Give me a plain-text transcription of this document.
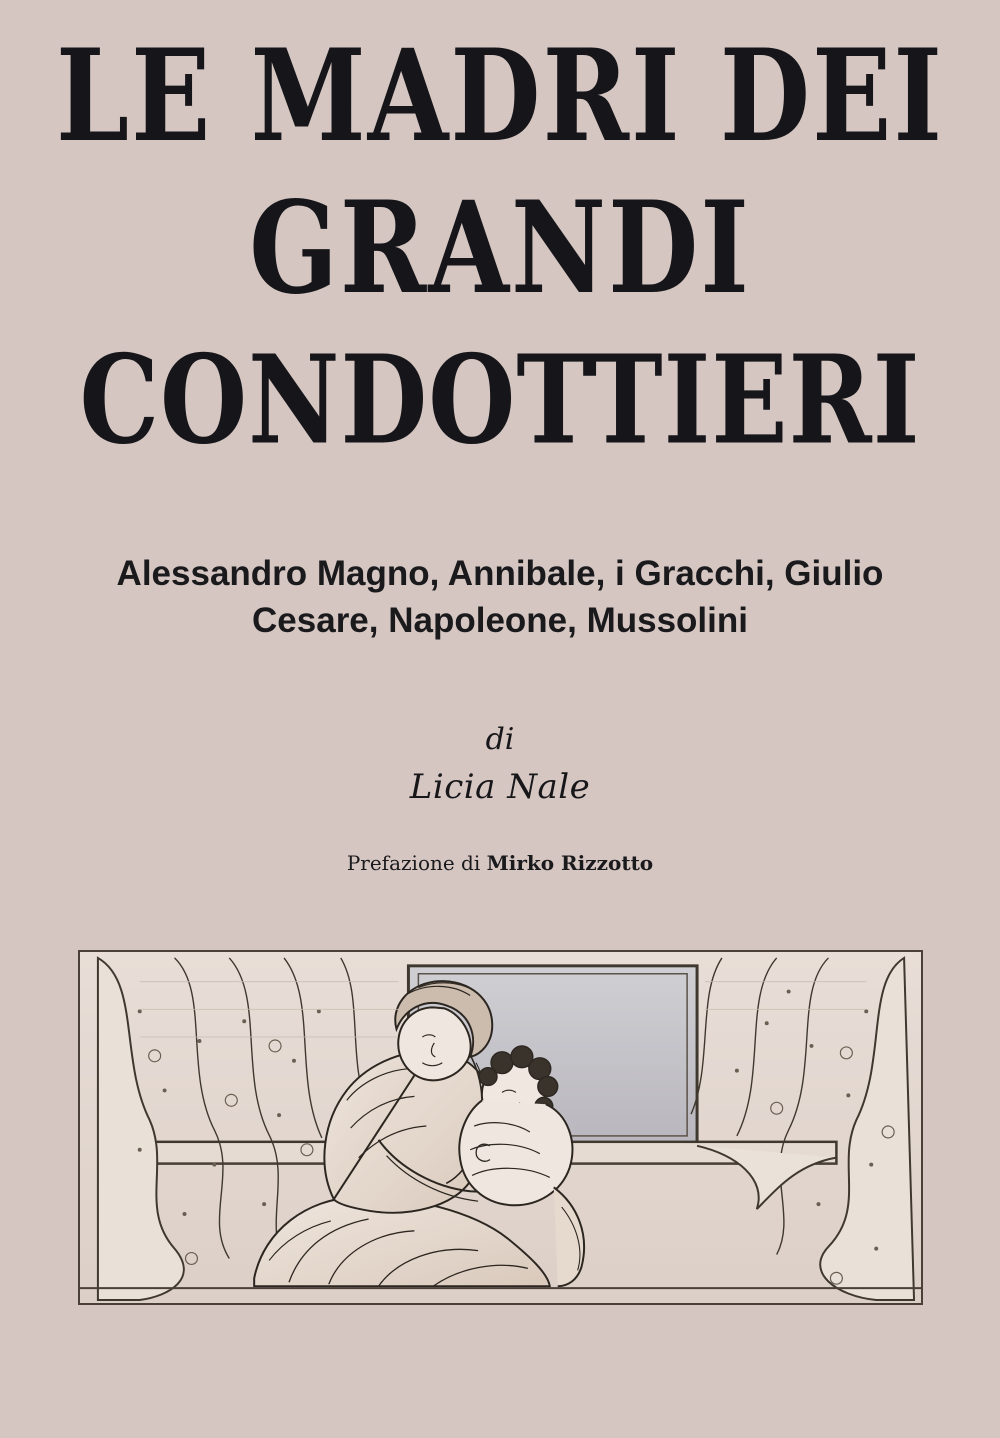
LE MADRI DEI
GRANDI
CONDOTTIERI
Alessandro Magno, Annibale, i Gracchi, Giulio Cesare, Napoleone, Mussolini
di
Licia Nale
Prefazione di Mirko Rizzotto
